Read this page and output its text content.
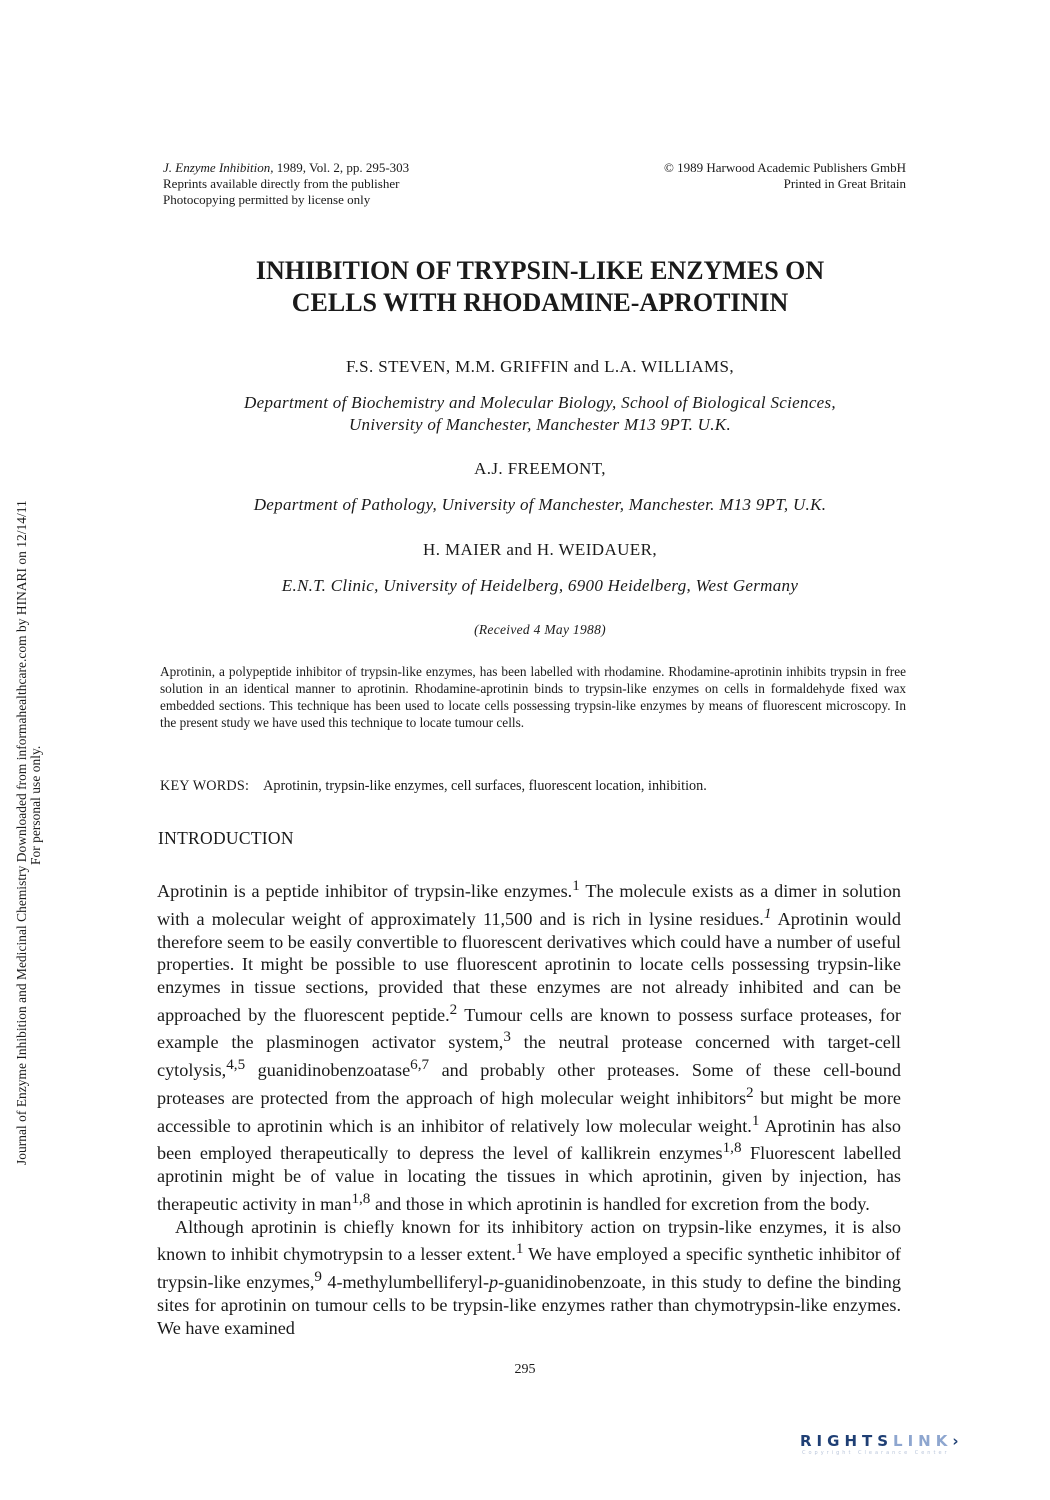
Journal of Enzyme Inhibition and Medicinal Chemistry Downloaded from informahealthcare.com by HINARI on 12/14/11 For personal use only.
J. Enzyme Inhibition, 1989, Vol. 2, pp. 295-303
Reprints available directly from the publisher
Photocopying permitted by license only
© 1989 Harwood Academic Publishers GmbH
Printed in Great Britain
INHIBITION OF TRYPSIN-LIKE ENZYMES ON
CELLS WITH RHODAMINE-APROTININ
F.S. STEVEN, M.M. GRIFFIN and L.A. WILLIAMS,
Department of Biochemistry and Molecular Biology, School of Biological Sciences,
University of Manchester, Manchester M13 9PT. U.K.
A.J. FREEMONT,
Department of Pathology, University of Manchester, Manchester. M13 9PT, U.K.
H. MAIER and H. WEIDAUER,
E.N.T. Clinic, University of Heidelberg, 6900 Heidelberg, West Germany
(Received 4 May 1988)
Aprotinin, a polypeptide inhibitor of trypsin-like enzymes, has been labelled with rhodamine. Rhodamine-aprotinin inhibits trypsin in free solution in an identical manner to aprotinin. Rhodamine-aprotinin binds to trypsin-like enzymes on cells in formaldehyde fixed wax embedded sections. This technique has been used to locate cells possessing trypsin-like enzymes by means of fluorescent microscopy. In the present study we have used this technique to locate tumour cells.
KEY WORDS: Aprotinin, trypsin-like enzymes, cell surfaces, fluorescent location, inhibition.
INTRODUCTION

Aprotinin is a peptide inhibitor of trypsin-like enzymes.$^1$ The molecule exists as a dimer in solution with a molecular weight of approximately 11,500 and is rich in lysine residues.$^1$ Aprotinin would therefore seem to be easily convertible to fluorescent derivatives which could have a number of useful properties. It might be possible to use fluorescent aprotinin to locate cells possessing trypsin-like enzymes in tissue sections, provided that these enzymes are not already inhibited and can be approached by the fluorescent peptide.$^2$ Tumour cells are known to possess surface proteases, for example the plasminogen activator system,$^3$ the neutral protease concerned with target-cell cytolysis,$^{4,5}$ guanidinobenzoatase$^{6,7}$ and probably other proteases. Some of these cell-bound proteases are protected from the approach of high molecular weight inhibitors$^2$ but might be more accessible to aprotinin which is an inhibitor of relatively low molecular weight.$^1$ Aprotinin has also been employed therapeutically to depress the level of kallikrein enzymes$^{1,8}$ Fluorescent labelled aprotinin might be of value in locating the tissues in which aprotinin, given by injection, has therapeutic activity in man$^{1,8}$ and those in which aprotinin is handled for excretion from the body.

Although aprotinin is chiefly known for its inhibitory action on trypsin-like enzymes, it is also known to inhibit chymotrypsin to a lesser extent.$^1$ We have employed a specific synthetic inhibitor of trypsin-like enzymes,$^9$ 4-methylumbelliferyl-p-guanidinobenzoate, in this study to define the binding sites for aprotinin on tumour cells to be trypsin-like enzymes rather than chymotrypsin-like enzymes. We have examined

295
RIGHTSLINK›
Copyright Clearance Center
